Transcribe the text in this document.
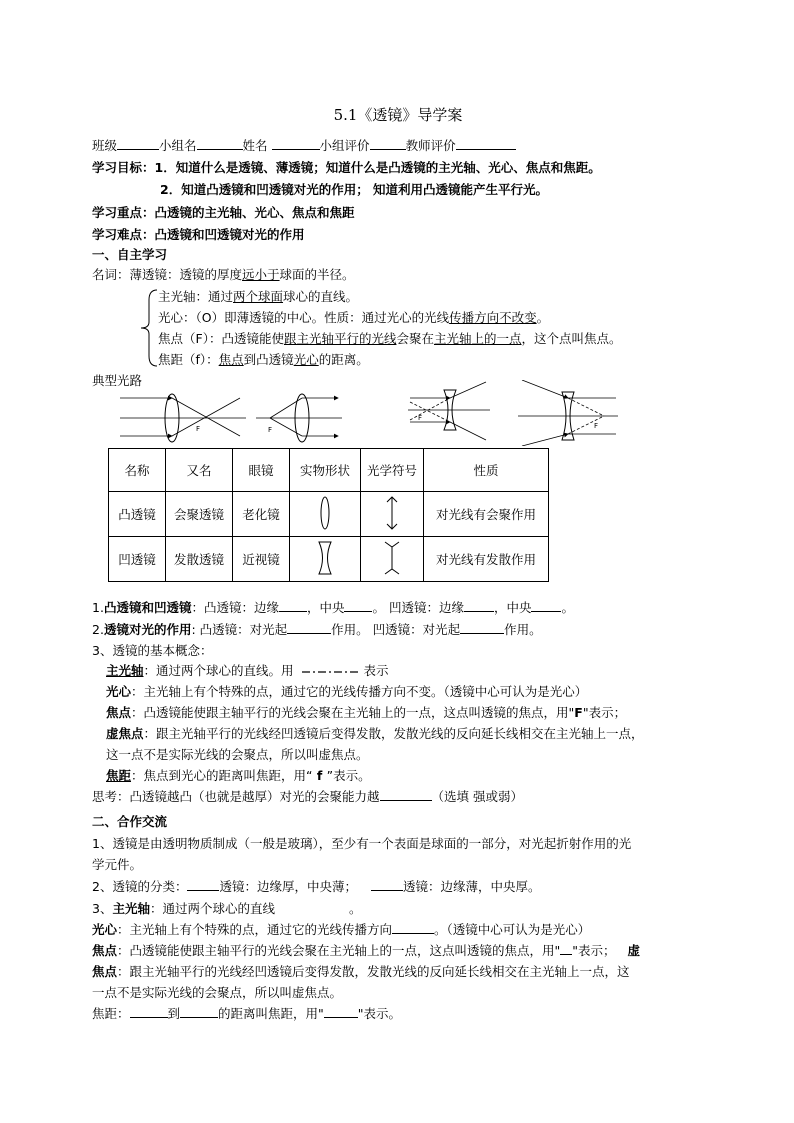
5.1《透镜》导学案
班级	小组名	姓名	小组评价	教师评价
学习目标：1．知道什么是透镜、薄透镜；知道什么是凸透镜的主光轴、光心、焦点和焦距。
2．知道凸透镜和凹透镜对光的作用； 知道利用凸透镜能产生平行光。
学习重点：凸透镜的主光轴、光心、焦点和焦距
学习难点：凸透镜和凹透镜对光的作用
一、自主学习
名词：薄透镜：透镜的厚度远小于球面的半径。
主光轴：通过两个球面球心的直线。
光心：（O）即薄透镜的中心。性质：通过光心的光线传播方向不改变。
焦点（F）：凸透镜能使跟主光轴平行的光线会聚在主光轴上的一点，这个点叫焦点。
焦距（f）：焦点到凸透镜光心的距离。
典型光路
F	F
F
F
名称	又名	眼镜	实物形状	光学符号	性质
凸透镜	会聚透镜	老化镜			对光线有会聚作用
凹透镜	发散透镜	近视镜			对光线有发散作用
1.凸透镜和凹透镜：凸透镜：边缘 ，中央 。 凹透镜：边缘 ，中央 。
2.透镜对光的作用: 凸透镜：对光起	作用。 凹透镜：对光起	作用。
3、透镜的基本概念：
主光轴：通过两个球心的直线。用	表示
光心：主光轴上有个特殊的点，通过它的光线传播方向不变。（透镜中心可认为是光心）
焦点：凸透镜能使跟主轴平行的光线会聚在主光轴上的一点，这点叫透镜的焦点，用"F"表示；
虚焦点：跟主光轴平行的光线经凹透镜后变得发散，发散光线的反向延长线相交在主光轴上一点，
这一点不是实际光线的会聚点，所以叫虚焦点。
焦距：焦点到光心的距离叫焦距，用“ f ”表示。
思考：凸透镜越凸（也就是越厚）对光的会聚能力越	（选填 强或弱）
二、合作交流
1、透镜是由透明物质制成（一般是玻璃），至少有一个表面是球面的一部分，对光起折射作用的光
学元件。
2、透镜的分类：	透镜：边缘厚，中央薄；	透镜：边缘薄，中央厚。
3、主光轴：通过两个球心的直线	。
光心：主光轴上有个特殊的点，通过它的光线传播方向	。（透镜中心可认为是光心）
焦点：凸透镜能使跟主轴平行的光线会聚在主光轴上的一点，这点叫透镜的焦点，用" "表示； 虚
焦点：跟主光轴平行的光线经凹透镜后变得发散，发散光线的反向延长线相交在主光轴上一点，这
一点不是实际光线的会聚点，所以叫虚焦点。
焦距：	到	的距离叫焦距，用"	"表示。
